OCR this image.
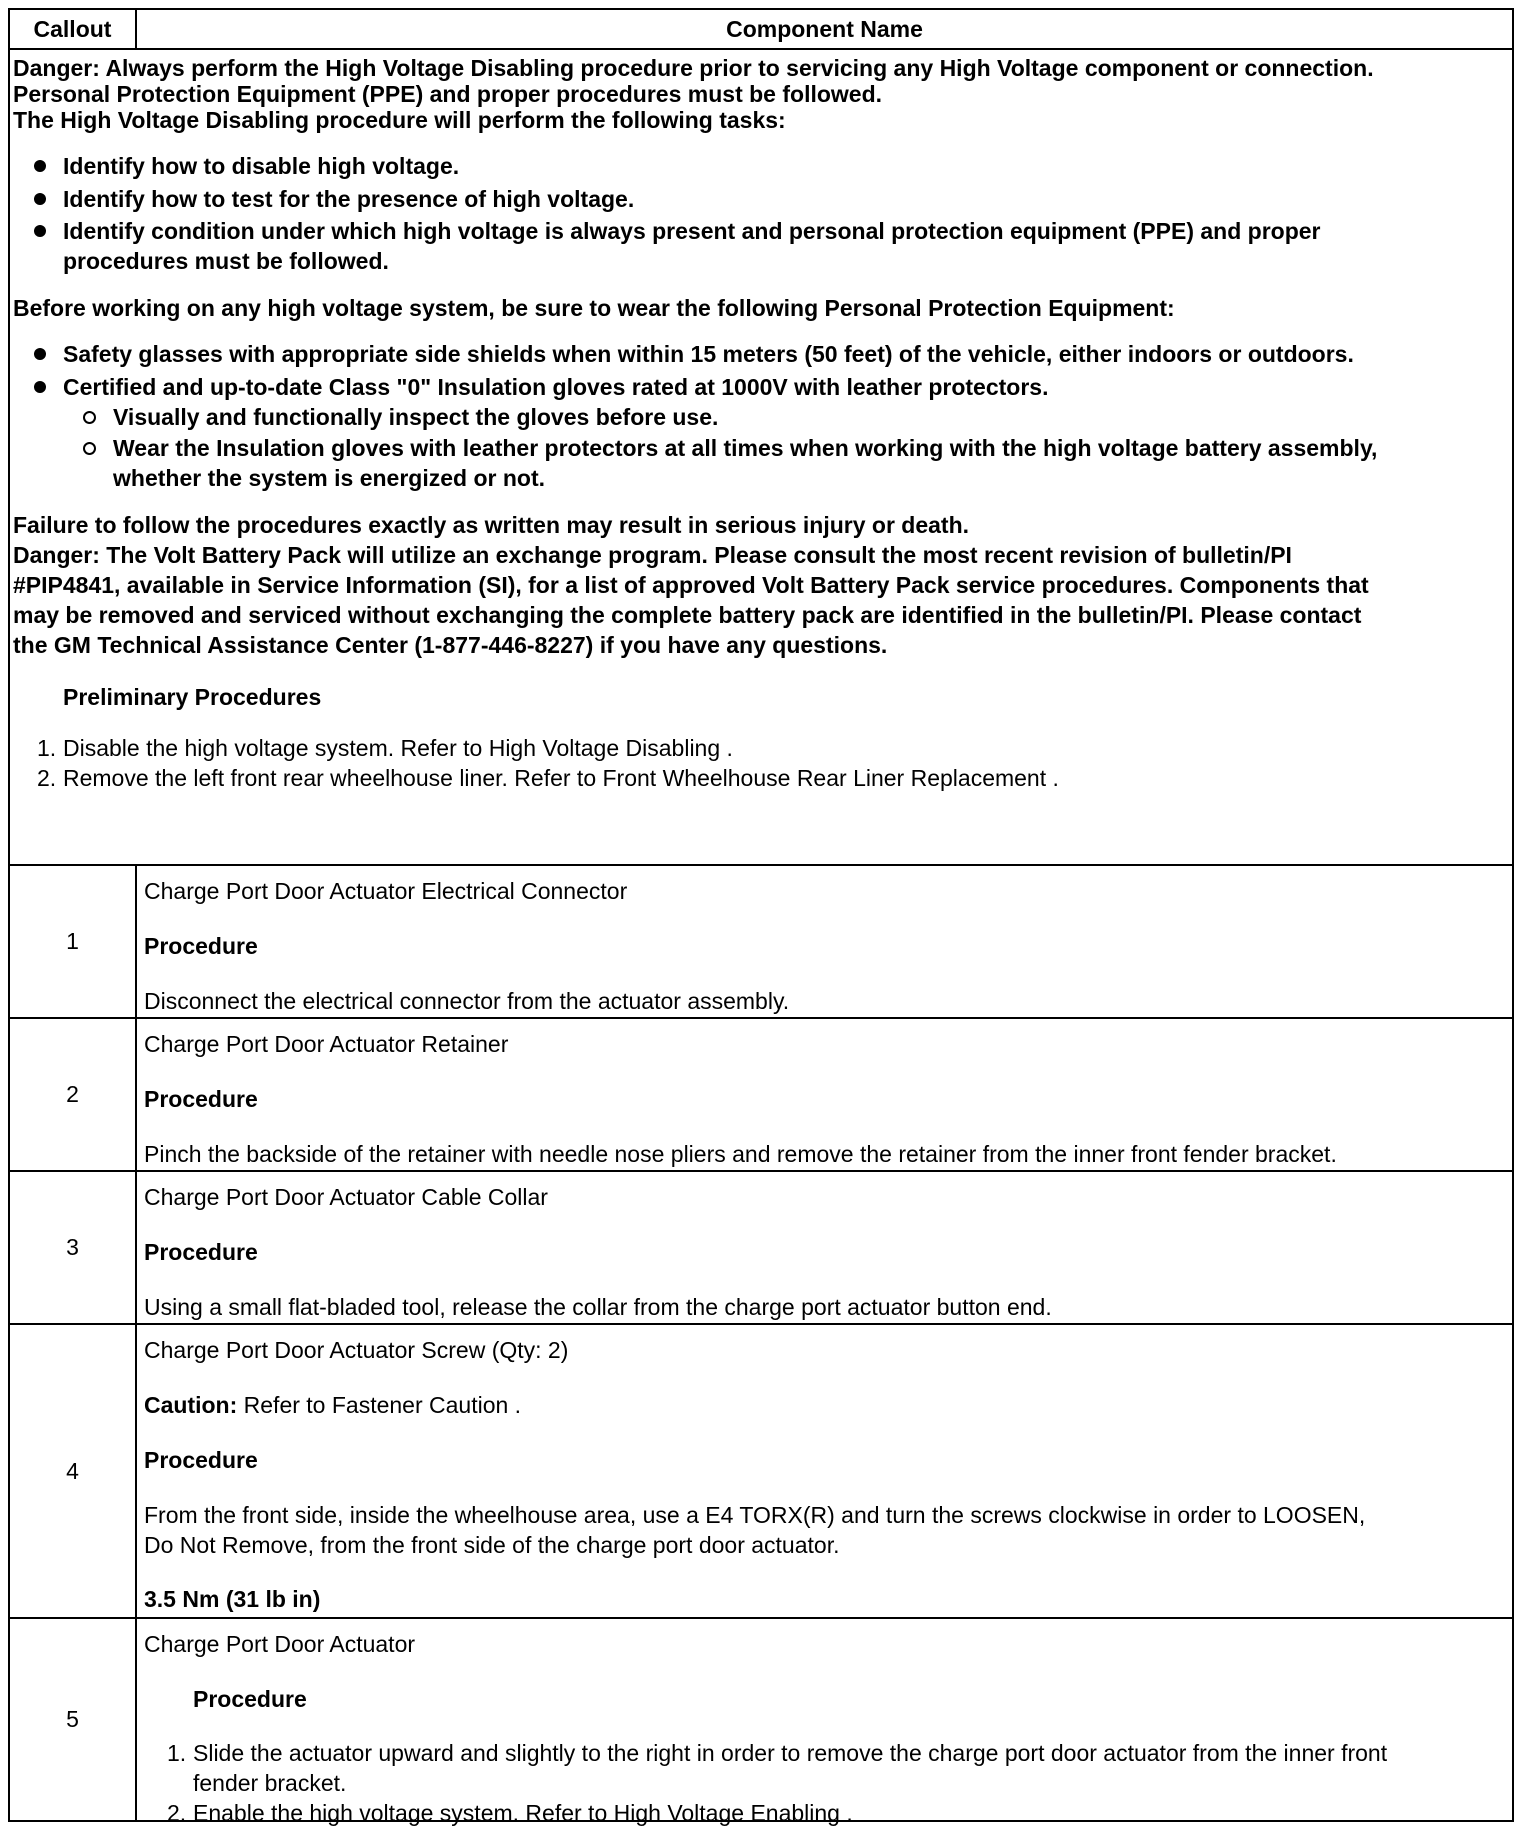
Callout	Component Name
Danger: Always perform the High Voltage Disabling procedure prior to servicing any High Voltage component or connection.
Personal Protection Equipment (PPE) and proper procedures must be followed.
The High Voltage Disabling procedure will perform the following tasks:
Identify how to disable high voltage.
Identify how to test for the presence of high voltage.
Identify condition under which high voltage is always present and personal protection equipment (PPE) and proper
procedures must be followed.
Before working on any high voltage system, be sure to wear the following Personal Protection Equipment:
Safety glasses with appropriate side shields when within 15 meters (50 feet) of the vehicle, either indoors or outdoors.
Certified and up-to-date Class "0" Insulation gloves rated at 1000V with leather protectors.
Visually and functionally inspect the gloves before use.
Wear the Insulation gloves with leather protectors at all times when working with the high voltage battery assembly,
whether the system is energized or not.
Failure to follow the procedures exactly as written may result in serious injury or death.
Danger: The Volt Battery Pack will utilize an exchange program. Please consult the most recent revision of bulletin/PI
#PIP4841, available in Service Information (SI), for a list of approved Volt Battery Pack service procedures. Components that
may be removed and serviced without exchanging the complete battery pack are identified in the bulletin/PI. Please contact
the GM Technical Assistance Center (1-877-446-8227) if you have any questions.
Preliminary Procedures
1. Disable the high voltage system. Refer to High Voltage Disabling .
2. Remove the left front rear wheelhouse liner. Refer to Front Wheelhouse Rear Liner Replacement .
1
Charge Port Door Actuator Electrical Connector
Procedure
Disconnect the electrical connector from the actuator assembly.
2
Charge Port Door Actuator Retainer
Procedure
Pinch the backside of the retainer with needle nose pliers and remove the retainer from the inner front fender bracket.
3
Charge Port Door Actuator Cable Collar
Procedure
Using a small flat-bladed tool, release the collar from the charge port actuator button end.
4
Charge Port Door Actuator Screw (Qty: 2)
Caution: Refer to Fastener Caution .
Procedure
From the front side, inside the wheelhouse area, use a E4 TORX(R) and turn the screws clockwise in order to LOOSEN,
Do Not Remove, from the front side of the charge port door actuator.
3.5 Nm (31 lb in)
5
Charge Port Door Actuator
Procedure
1. Slide the actuator upward and slightly to the right in order to remove the charge port door actuator from the inner front
fender bracket.
2. Enable the high voltage system. Refer to High Voltage Enabling .
